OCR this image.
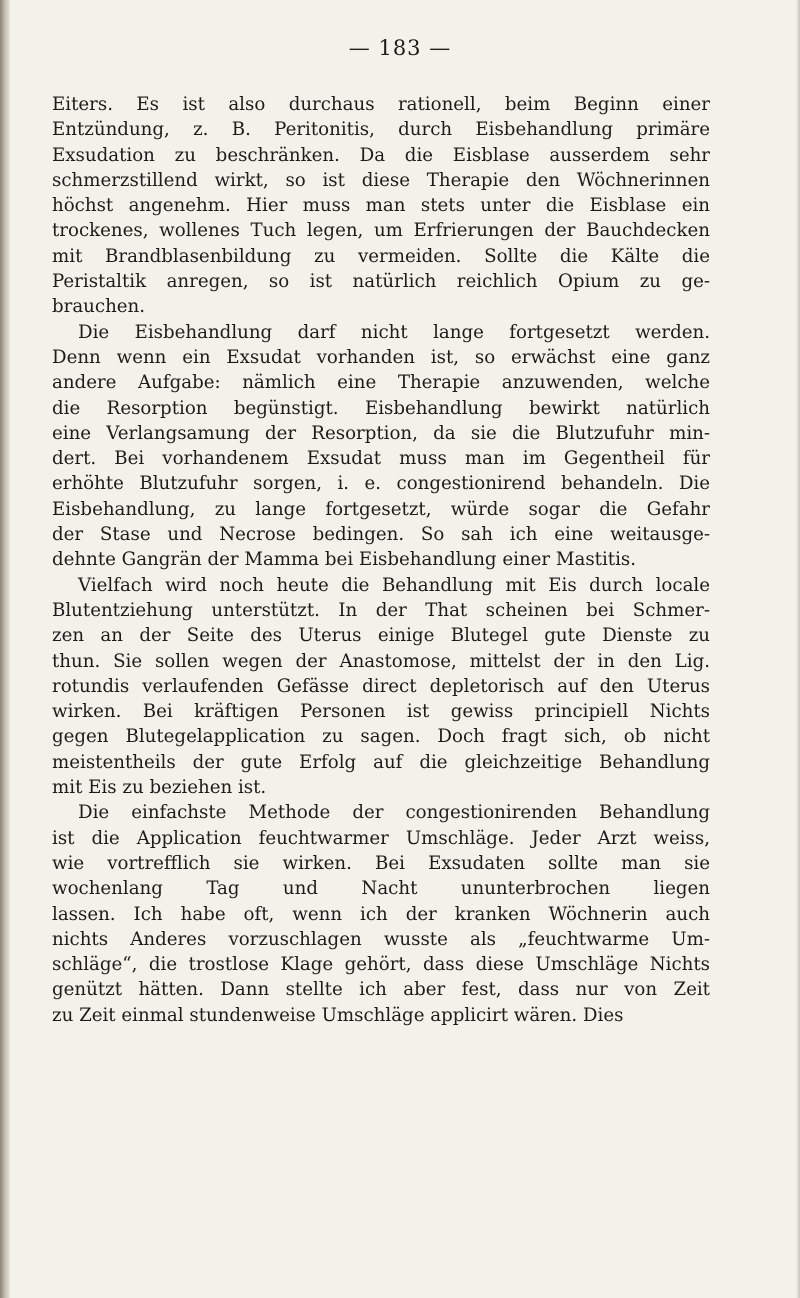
— 183 —
Eiters. Es ist also durchaus rationell, beim Beginn einer
Entzündung, z. B. Peritonitis, durch Eisbehandlung primäre
Exsudation zu beschränken. Da die Eisblase ausserdem sehr
schmerzstillend wirkt, so ist diese Therapie den Wöchnerinnen
höchst angenehm. Hier muss man stets unter die Eisblase ein
trockenes, wollenes Tuch legen, um Erfrierungen der Bauchdecken
mit Brandblasenbildung zu vermeiden. Sollte die Kälte die
Peristaltik anregen, so ist natürlich reichlich Opium zu ge-
brauchen.
Die Eisbehandlung darf nicht lange fortgesetzt werden.
Denn wenn ein Exsudat vorhanden ist, so erwächst eine ganz
andere Aufgabe: nämlich eine Therapie anzuwenden, welche
die Resorption begünstigt. Eisbehandlung bewirkt natürlich
eine Verlangsamung der Resorption, da sie die Blutzufuhr min-
dert. Bei vorhandenem Exsudat muss man im Gegentheil für
erhöhte Blutzufuhr sorgen, i. e. congestionirend behandeln. Die
Eisbehandlung, zu lange fortgesetzt, würde sogar die Gefahr
der Stase und Necrose bedingen. So sah ich eine weitausge-
dehnte Gangrän der Mamma bei Eisbehandlung einer Mastitis.
Vielfach wird noch heute die Behandlung mit Eis durch locale
Blutentziehung unterstützt. In der That scheinen bei Schmer-
zen an der Seite des Uterus einige Blutegel gute Dienste zu
thun. Sie sollen wegen der Anastomose, mittelst der in den Lig.
rotundis verlaufenden Gefässe direct depletorisch auf den Uterus
wirken. Bei kräftigen Personen ist gewiss principiell Nichts
gegen Blutegelapplication zu sagen. Doch fragt sich, ob nicht
meistentheils der gute Erfolg auf die gleichzeitige Behandlung
mit Eis zu beziehen ist.
Die einfachste Methode der congestionirenden Behandlung
ist die Application feuchtwarmer Umschläge. Jeder Arzt weiss,
wie vortrefflich sie wirken. Bei Exsudaten sollte man sie
wochenlang Tag und Nacht ununterbrochen liegen
lassen. Ich habe oft, wenn ich der kranken Wöchnerin auch
nichts Anderes vorzuschlagen wusste als „feuchtwarme Um-
schläge“, die trostlose Klage gehört, dass diese Umschläge Nichts
genützt hätten. Dann stellte ich aber fest, dass nur von Zeit
zu Zeit einmal stundenweise Umschläge applicirt wären. Dies
